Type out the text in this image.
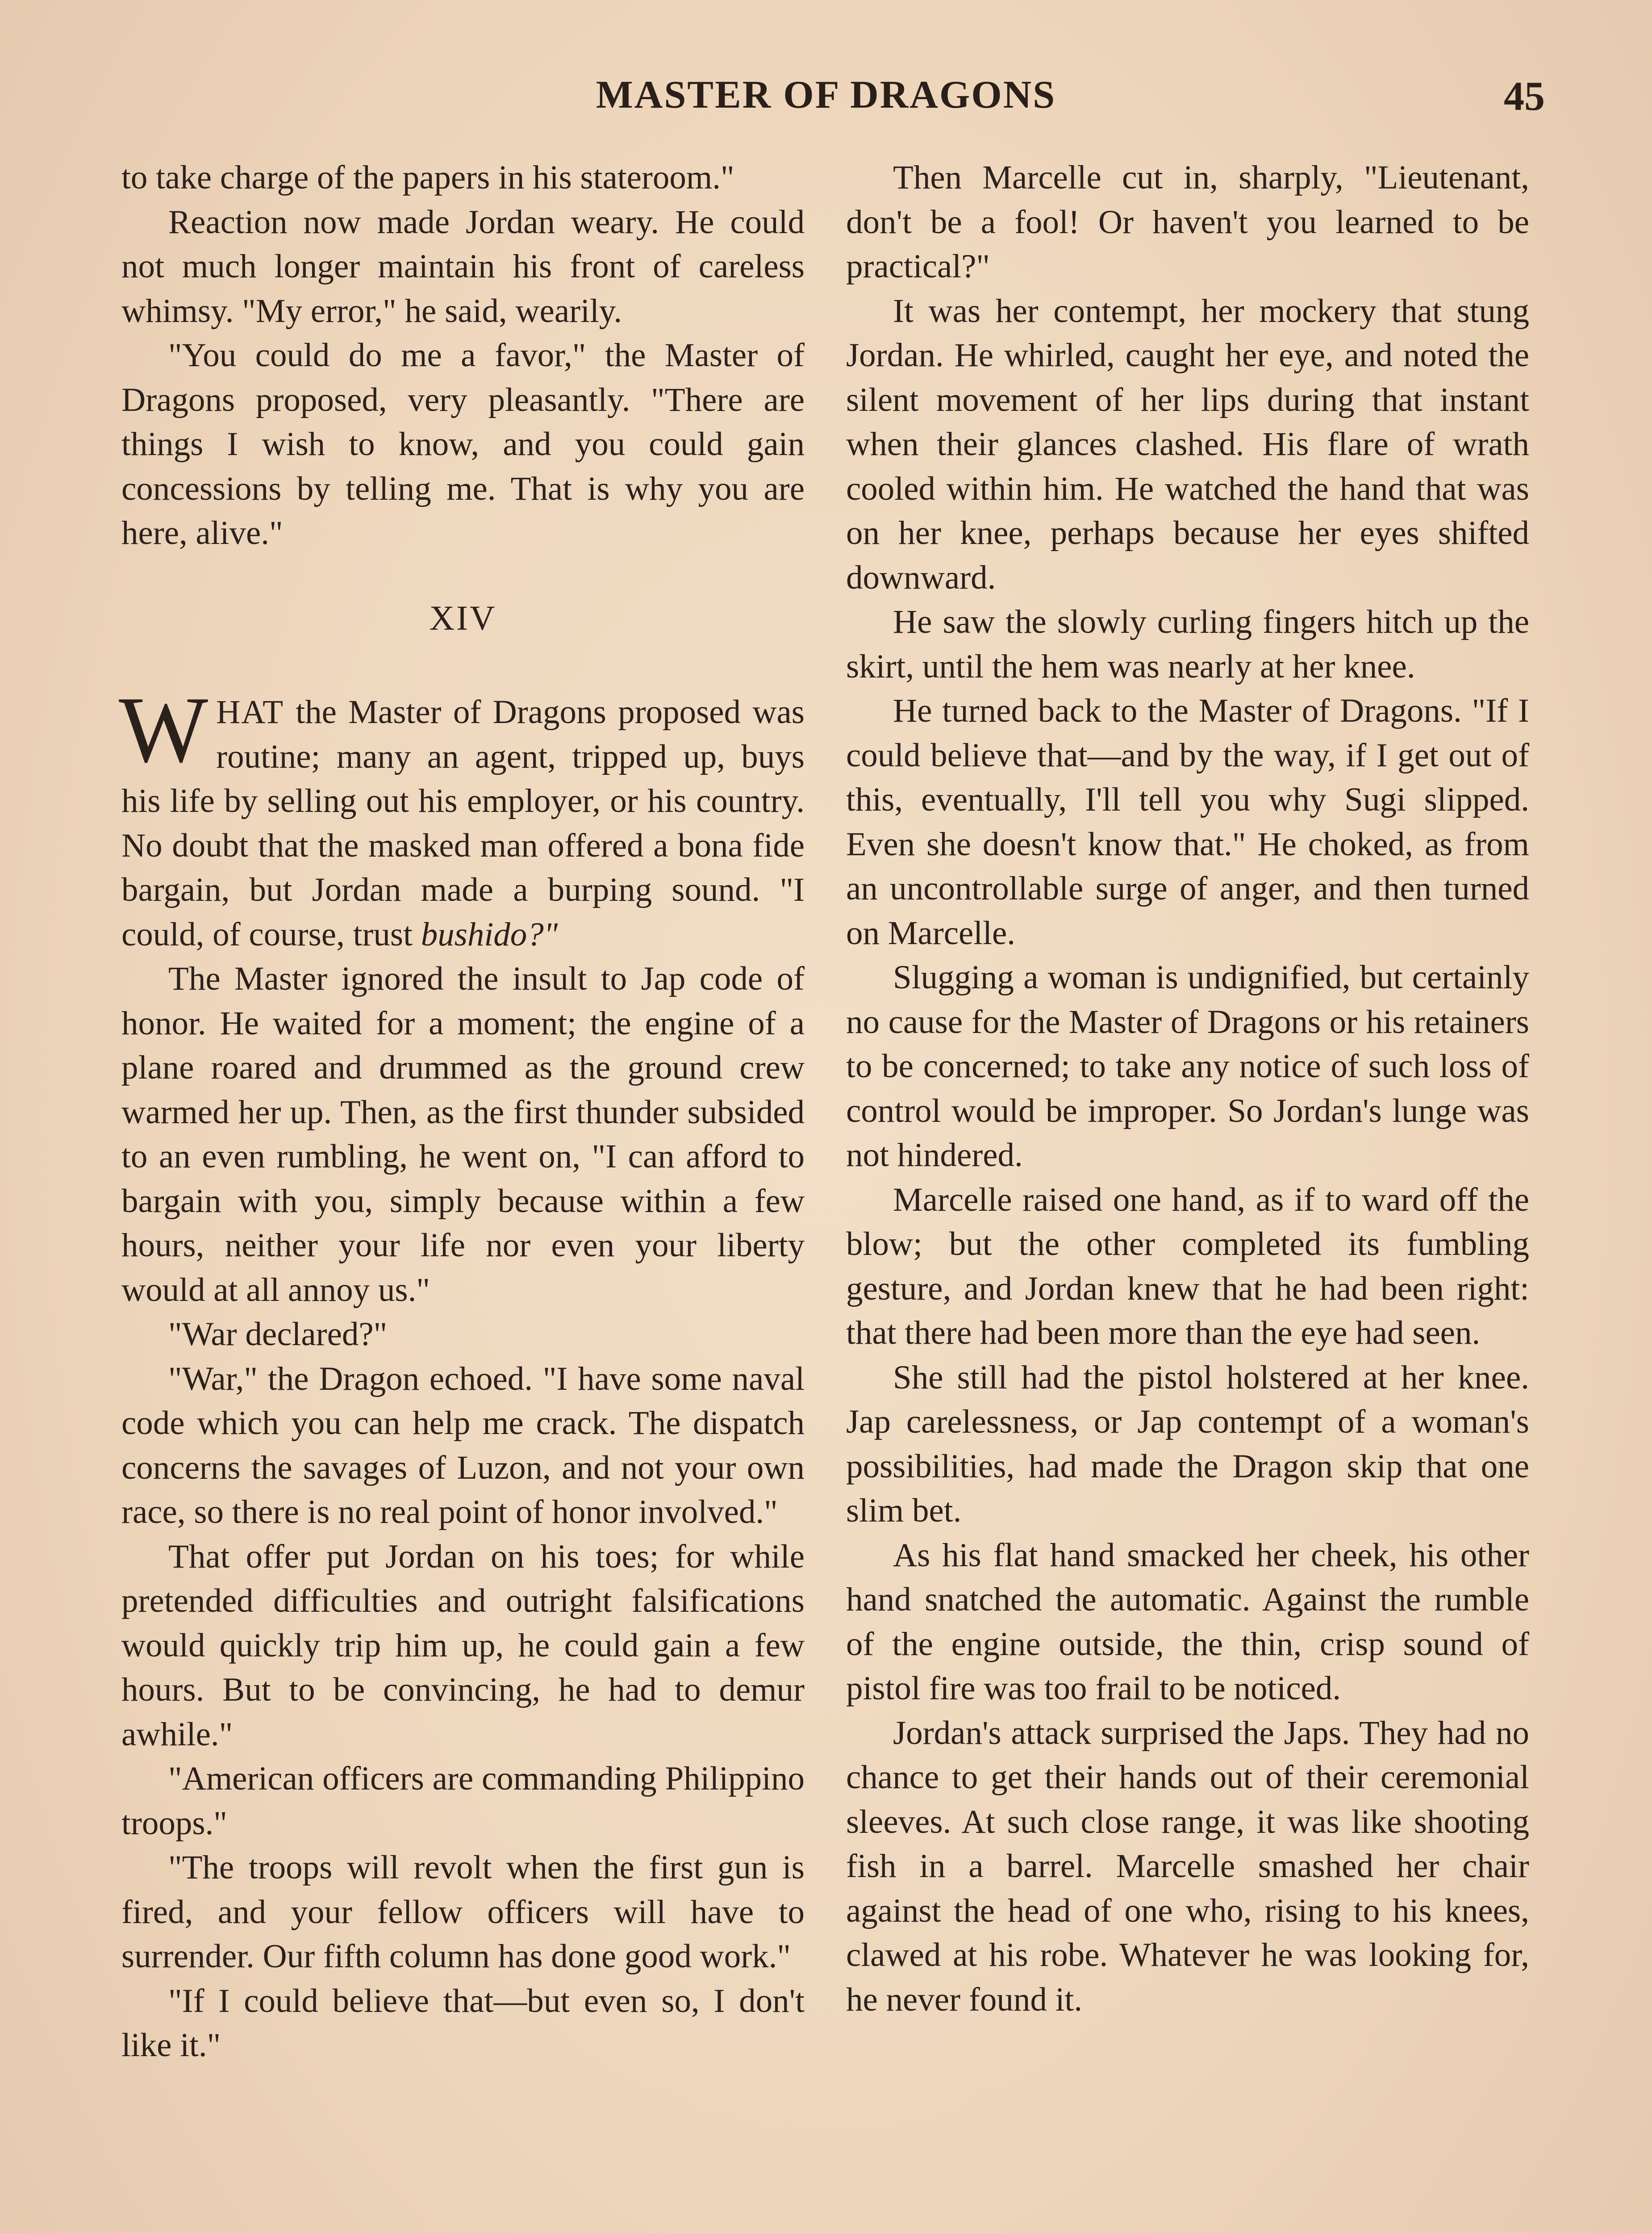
MASTER OF DRAGONS	45

to take charge of the papers in his stateroom."

Reaction now made Jordan weary. He could not much longer maintain his front of careless whimsy. "My error," he said, wearily.

"You could do me a favor," the Master of Dragons proposed, very pleasantly. "There are things I wish to know, and you could gain concessions by telling me. That is why you are here, alive."

XIV

WHAT the Master of Dragons proposed was routine; many an agent, tripped up, buys his life by selling out his employer, or his country. No doubt that the masked man offered a bona fide bargain, but Jordan made a burping sound. "I could, of course, trust bushido?"

The Master ignored the insult to Jap code of honor. He waited for a moment; the engine of a plane roared and drummed as the ground crew warmed her up. Then, as the first thunder subsided to an even rumbling, he went on, "I can afford to bargain with you, simply because within a few hours, neither your life nor even your liberty would at all annoy us."

"War declared?"

"War," the Dragon echoed. "I have some naval code which you can help me crack. The dispatch concerns the savages of Luzon, and not your own race, so there is no real point of honor involved."

That offer put Jordan on his toes; for while pretended difficulties and outright falsifications would quickly trip him up, he could gain a few hours. But to be convincing, he had to demur awhile."

"American officers are commanding Philippino troops."

"The troops will revolt when the first gun is fired, and your fellow officers will have to surrender. Our fifth column has done good work."

"If I could believe that—but even so, I don't like it."

Then Marcelle cut in, sharply, "Lieutenant, don't be a fool! Or haven't you learned to be practical?"

It was her contempt, her mockery that stung Jordan. He whirled, caught her eye, and noted the silent movement of her lips during that instant when their glances clashed. His flare of wrath cooled within him. He watched the hand that was on her knee, perhaps because her eyes shifted downward.

He saw the slowly curling fingers hitch up the skirt, until the hem was nearly at her knee.

He turned back to the Master of Dragons. "If I could believe that—and by the way, if I get out of this, eventually, I'll tell you why Sugi slipped. Even she doesn't know that." He choked, as from an uncontrollable surge of anger, and then turned on Marcelle.

Slugging a woman is undignified, but certainly no cause for the Master of Dragons or his retainers to be concerned; to take any notice of such loss of control would be improper. So Jordan's lunge was not hindered.

Marcelle raised one hand, as if to ward off the blow; but the other completed its fumbling gesture, and Jordan knew that he had been right: that there had been more than the eye had seen.

She still had the pistol holstered at her knee. Jap carelessness, or Jap contempt of a woman's possibilities, had made the Dragon skip that one slim bet.

As his flat hand smacked her cheek, his other hand snatched the automatic. Against the rumble of the engine outside, the thin, crisp sound of pistol fire was too frail to be noticed.

Jordan's attack surprised the Japs. They had no chance to get their hands out of their ceremonial sleeves. At such close range, it was like shooting fish in a barrel. Marcelle smashed her chair against the head of one who, rising to his knees, clawed at his robe. Whatever he was looking for, he never found it.
